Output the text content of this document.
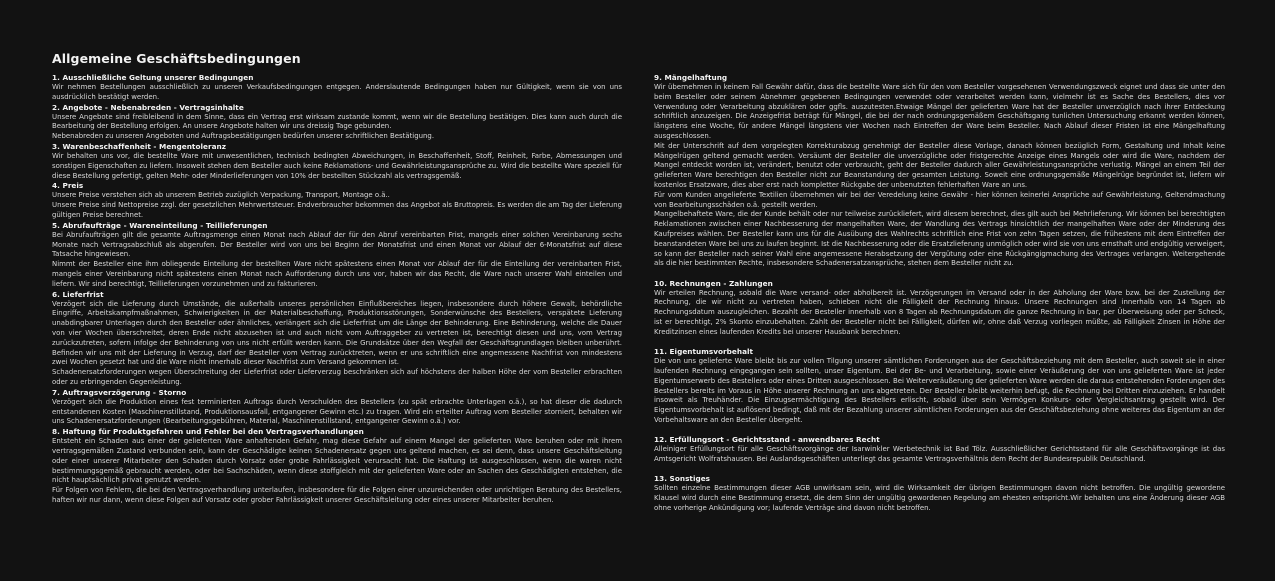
Allgemeine Geschäftsbedingungen
1. Ausschließliche Geltung unserer Bedingungen

Wir nehmen Bestellungen ausschließlich zu unseren Verkaufsbedingungen entgegen. Anderslautende Bedingungen haben nur Gültigkeit, wenn sie von uns ausdrücklich bestätigt werden.

2. Angebote - Nebenabreden - Vertragsinhalte

Unsere Angebote sind freibleibend in dem Sinne, dass ein Vertrag erst wirksam zustande kommt, wenn wir die Bestellung bestätigen. Dies kann auch durch die Bearbeitung der Bestellung erfolgen. An unsere Angebote halten wir uns dreissig Tage gebunden.

Nebenabreden zu unseren Angeboten und Auftragsbestätigungen bedürfen unserer schriftlichen Bestätigung.

3. Warenbeschaffenheit - Mengentoleranz

Wir behalten uns vor, die bestellte Ware mit unwesentlichen, technisch bedingten Abweichungen, in Beschaffenheit, Stoff, Reinheit, Farbe, Abmessungen und sonstigen Eigenschaften zu liefern. Insoweit stehen dem Besteller auch keine Reklamations- und Gewährleistungsansprüche zu. Wird die bestellte Ware speziell für diese Bestellung gefertigt, gelten Mehr- oder Minderlieferungen von 10% der bestellten Stückzahl als vertragsgemäß.

4. Preis

Unsere Preise verstehen sich ab unserem Betrieb zuzüglich Verpackung, Transport, Montage o.ä..

Unsere Preise sind Nettopreise zzgl. der gesetzlichen Mehrwertsteuer. Endverbraucher bekommen das Angebot als Bruttopreis. Es werden die am Tag der Lieferung gültigen Preise berechnet.

5. Abrufaufträge - Wareneinteilung - Teillieferungen

Bei Abrufaufträgen gilt die gesamte Auftragsmenge einen Monat nach Ablauf der für den Abruf vereinbarten Frist, mangels einer solchen Vereinbarung sechs Monate nach Vertragsabschluß als abgerufen. Der Besteller wird von uns bei Beginn der Monatsfrist und einen Monat vor Ablauf der 6-Monatsfrist auf diese Tatsache hingewiesen.

Nimmt der Besteller eine ihm obliegende Einteilung der bestellten Ware nicht spätestens einen Monat vor Ablauf der für die Einteilung der vereinbarten Frist, mangels einer Vereinbarung nicht spätestens einen Monat nach Aufforderung durch uns vor, haben wir das Recht, die Ware nach unserer Wahl einteilen und liefern. Wir sind berechtigt, Teillieferungen vorzunehmen und zu fakturieren.

6. Lieferfrist

Verzögert sich die Lieferung durch Umstände, die außerhalb unseres persönlichen Einflußbereiches liegen, insbesondere durch höhere Gewalt, behördliche Eingriffe, Arbeitskampfmaßnahmen, Schwierigkeiten in der Materialbeschaffung, Produktionsstörungen, Sonderwünsche des Bestellers, verspätete Lieferung unabdingbarer Unterlagen durch den Besteller oder ähnliches, verlängert sich die Lieferfrist um die Länge der Behinderung. Eine Behinderung, welche die Dauer von vier Wochen überschreitet, deren Ende nicht abzusehen ist und auch nicht vom Auftraggeber zu vertreten ist, berechtigt diesen und uns, vom Vertrag zurückzutreten, sofern infolge der Behinderung von uns nicht erfüllt werden kann. Die Grundsätze über den Wegfall der Geschäftsgrundlagen bleiben unberührt. Befinden wir uns mit der Lieferung in Verzug, darf der Besteller vom Vertrag zurücktreten, wenn er uns schriftlich eine angemessene Nachfrist von mindestens zwei Wochen gesetzt hat und die Ware nicht innerhalb dieser Nachfrist zum Versand gekommen ist.

Schadenersatzforderungen wegen Überschreitung der Lieferfrist oder Lieferverzug beschränken sich auf höchstens der halben Höhe der vom Besteller erbrachten oder zu erbringenden Gegenleistung.

7. Auftragsverzögerung - Storno

Verzögert sich die Produktion eines fest terminierten Auftrags durch Verschulden des Bestellers (zu spät erbrachte Unterlagen o.ä.), so hat dieser die dadurch entstandenen Kosten (Maschinenstillstand, Produktionsausfall, entgangener Gewinn etc.) zu tragen. Wird ein erteilter Auftrag vom Besteller storniert, behalten wir uns Schadenersatzforderungen (Bearbeitungsgebühren, Material, Maschinenstillstand, entgangener Gewinn o.ä.) vor.

8. Haftung für Produktgefahren und Fehler bei den Vertragsverhandlungen

Entsteht ein Schaden aus einer der gelieferten Ware anhaftenden Gefahr, mag diese Gefahr auf einem Mangel der gelieferten Ware beruhen oder mit ihrem vertragsgemäßen Zustand verbunden sein, kann der Geschädigte keinen Schadenersatz gegen uns geltend machen, es sei denn, dass unsere Geschäftsleitung oder einer unserer Mitarbeiter den Schaden durch Vorsatz oder grobe Fahrlässigkeit verursacht hat. Die Haftung ist ausgeschlossen, wenn die waren nicht bestimmungsgemäß gebraucht werden, oder bei Sachschäden, wenn diese stoffgleich mit der gelieferten Ware oder an Sachen des Geschädigten entstehen, die nicht hauptsächlich privat genutzt werden.

Für Folgen von Fehlern, die bei den Vertragsverhandlung unterlaufen, insbesondere für die Folgen einer unzureichenden oder unrichtigen Beratung des Bestellers, haften wir nur dann, wenn diese Folgen auf Vorsatz oder grober Fahrlässigkeit unserer Geschäftsleitung oder eines unserer Mitarbeiter beruhen.

9. Mängelhaftung

Wir übernehmen in keinem Fall Gewähr dafür, dass die bestellte Ware sich für den vom Besteller vorgesehenen Verwendungszweck eignet und dass sie unter den beim Besteller oder seinem Abnehmer gegebenen Bedingungen verwendet oder verarbeitet werden kann, vielmehr ist es Sache des Bestellers, dies vor Verwendung oder Verarbeitung abzuklären oder ggfls. auszutesten.Etwaige Mängel der gelieferten Ware hat der Besteller unverzüglich nach ihrer Entdeckung schriftlich anzuzeigen. Die Anzeigefrist beträgt für Mängel, die bei der nach ordnungsgemäßem Geschäftsgang tunlichen Untersuchung erkannt werden können, längstens eine Woche, für andere Mängel längstens vier Wochen nach Eintreffen der Ware beim Besteller. Nach Ablauf dieser Fristen ist eine Mängelhaftung ausgeschlossen.

Mit der Unterschrift auf dem vorgelegten Korrekturabzug genehmigt der Besteller diese Vorlage, danach können bezüglich Form, Gestaltung und Inhalt keine Mängelrügen geltend gemacht werden. Versäumt der Besteller die unverzügliche oder fristgerechte Anzeige eines Mangels oder wird die Ware, nachdem der Mangel entdeckt worden ist, verändert, benutzt oder verbraucht, geht der Besteller dadurch aller Gewährleistungsansprüche verlustig. Mängel an einem Teil der gelieferten Ware berechtigen den Besteller nicht zur Beanstandung der gesamten Leistung. Soweit eine ordnungsgemäße Mängelrüge begründet ist, liefern wir kostenlos Ersatzware, dies aber erst nach kompletter Rückgabe der unbenutzten fehlerhaften Ware an uns.

Für vom Kunden angelieferte Textilien übernehmen wir bei der Veredelung keine Gewähr - hier können keinerlei Ansprüche auf Gewährleistung, Geltendmachung von Bearbeitungsschäden o.ä. gestellt werden.

Mangelbehaftete Ware, die der Kunde behält oder nur teilweise zurückliefert, wird diesem berechnet, dies gilt auch bei Mehrlieferung. Wir können bei berechtigten Reklamationen zwischen einer Nachbesserung der mangelhaften Ware, der Wandlung des Vertrags hinsichtlich der mangelhaften Ware oder der Minderung des Kaufpreises wählen. Der Besteller kann uns für die Ausübung des Wahlrechts schriftlich eine Frist von zehn Tagen setzen, die frühestens mit dem Eintreffen der beanstandeten Ware bei uns zu laufen beginnt. Ist die Nachbesserung oder die Ersatzlieferung unmöglich oder wird sie von uns ernsthaft und endgültig verweigert, so kann der Besteller nach seiner Wahl eine angemessene Herabsetzung der Vergütung oder eine Rückgängigmachung des Vertrages verlangen. Weitergehende als die hier bestimmten Rechte, insbesondere Schadenersatzansprüche, stehen dem Besteller nicht zu.

10. Rechnungen - Zahlungen

Wir erteilen Rechnung, sobald die Ware versand- oder abholbereit ist. Verzögerungen im Versand oder in der Abholung der Ware bzw. bei der Zustellung der Rechnung, die wir nicht zu vertreten haben, schieben nicht die Fälligkeit der Rechnung hinaus. Unsere Rechnungen sind innerhalb von 14 Tagen ab Rechnungsdatum auszugleichen. Bezahlt der Besteller innerhalb von 8 Tagen ab Rechnungsdatum die ganze Rechnung in bar, per Überweisung oder per Scheck, ist er berechtigt, 2% Skonto einzubehalten. Zahlt der Besteller nicht bei Fälligkeit, dürfen wir, ohne daß Verzug vorliegen müßte, ab Fälligkeit Zinsen in Höhe der Kreditzinsen eines laufenden Kredits bei unserer Hausbank berechnen.

11. Eigentumsvorbehalt

Die von uns gelieferte Ware bleibt bis zur vollen Tilgung unserer sämtlichen Forderungen aus der Geschäftsbeziehung mit dem Besteller, auch soweit sie in einer laufenden Rechnung eingegangen sein sollten, unser Eigentum. Bei der Be- und Verarbeitung, sowie einer Veräußerung der von uns gelieferten Ware ist jeder Eigentumserwerb des Bestellers oder eines Dritten ausgeschlossen. Bei Weiterveräußerung der gelieferten Ware werden die daraus entstehenden Forderungen des Bestellers bereits im Voraus in Höhe unserer Rechnung an uns abgetreten. Der Besteller bleibt weiterhin befugt, die Rechnung bei Dritten einzuziehen. Er handelt insoweit als Treuhänder. Die Einzugsermächtigung des Bestellers erlischt, sobald über sein Vermögen Konkurs- oder Vergleichsantrag gestellt wird. Der Eigentumsvorbehalt ist auflösend bedingt, daß mit der Bezahlung unserer sämtlichen Forderungen aus der Geschäftsbeziehung ohne weiteres das Eigentum an der Vorbehaltsware an den Besteller übergeht.

12. Erfüllungsort - Gerichtsstand - anwendbares Recht

Alleiniger Erfüllungsort für alle Geschäftsvorgänge der Isarwinkler Werbetechnik ist Bad Tölz. Ausschließlicher Gerichtsstand für alle Geschäftsvorgänge ist das Amtsgericht Wolfratshausen. Bei Auslandsgeschäften unterliegt das gesamte Vertragsverhältnis dem Recht der Bundesrepublik Deutschland.

13. Sonstiges

Sollten einzelne Bestimmungen dieser AGB unwirksam sein, wird die Wirksamkeit der übrigen Bestimmungen davon nicht betroffen. Die ungültig gewordene Klausel wird durch eine Bestimmung ersetzt, die dem Sinn der ungültig gewordenen Regelung am ehesten entspricht.Wir behalten uns eine Änderung dieser AGB ohne vorherige Ankündigung vor; laufende Verträge sind davon nicht betroffen.
